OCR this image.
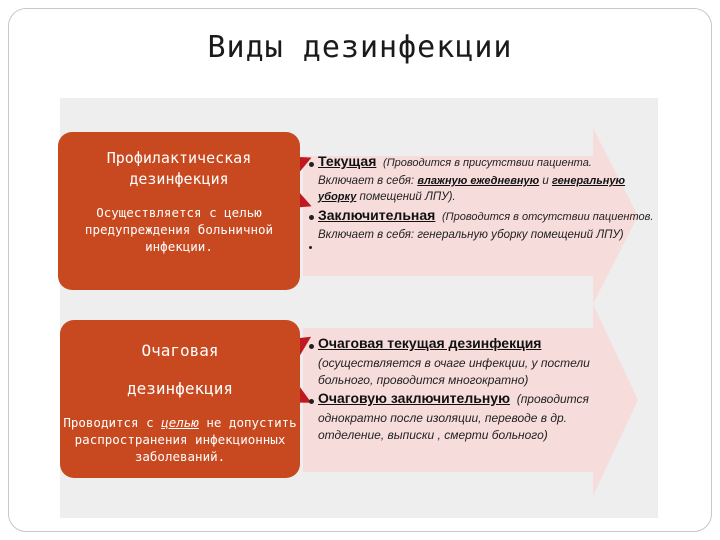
Виды дезинфекции
Профилактическая
дезинфекция
Осуществляется с целью
предупреждения больничной
инфекции.
Очаговая
дезинфекция
Проводится с целью не допустить
распространения инфекционных
заболеваний.
Текущая (Проводится в присутствии пациента.
Включает в себя: влажную ежедневную и генеральную
уборку помещений ЛПУ).
Заключительная (Проводится в отсутствии пациентов.
Включает в себя: генеральную уборку помещений ЛПУ)
Очаговая текущая дезинфекция
(осуществляется в очаге инфекции, у постели
больного, проводится многократно)
Очаговую заключительную (проводится
однократно после изоляции, переводе в др.
отделение, выписки , смерти больного)
